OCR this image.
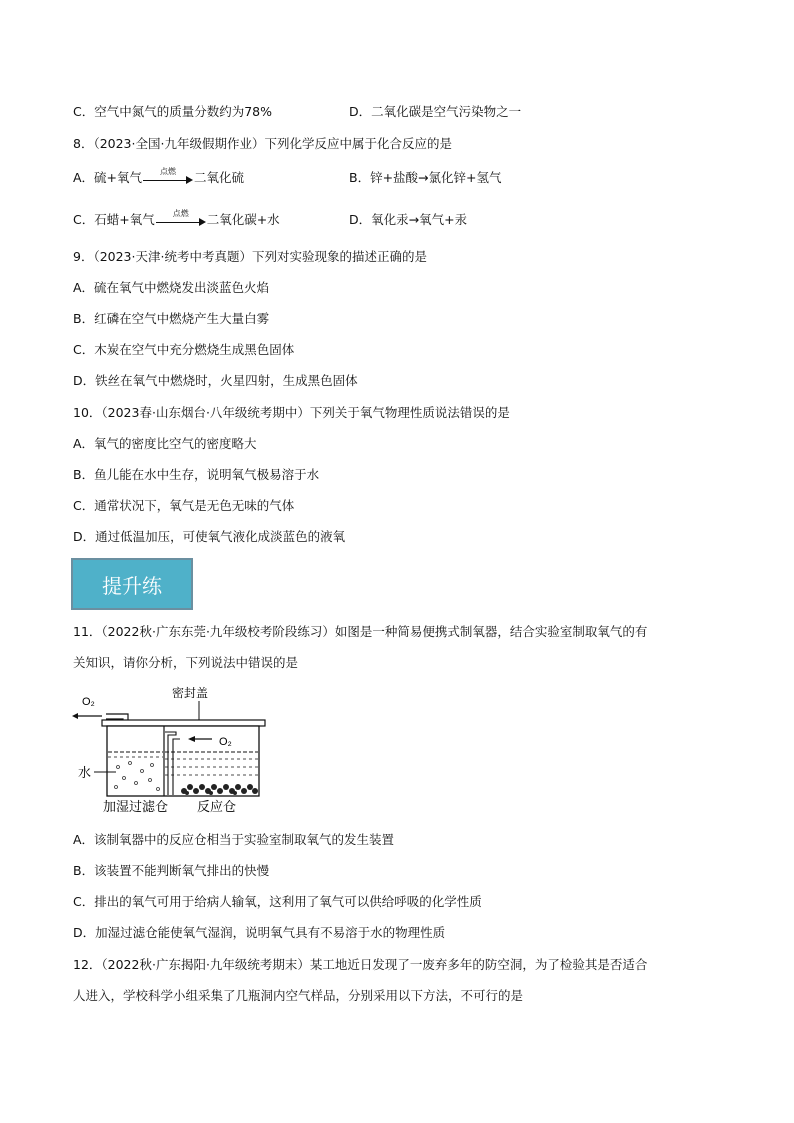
C．空气中氮气的质量分数约为78%	D．二氧化碳是空气污染物之一
8．（2023·全国·九年级假期作业）下列化学反应中属于化合反应的是
A．硫+氧气	点燃	二氧化硫	B．锌+盐酸→氯化锌+氢气
C．石蜡+氧气	点燃	二氧化碳+水	D．氧化汞→氧气+汞
9．（2023·天津·统考中考真题）下列对实验现象的描述正确的是
A．硫在氧气中燃烧发出淡蓝色火焰
B．红磷在空气中燃烧产生大量白雾
C．木炭在空气中充分燃烧生成黑色固体
D．铁丝在氧气中燃烧时，火星四射，生成黑色固体
10．（2023春·山东烟台·八年级统考期中）下列关于氧气物理性质说法错误的是
A．氧气的密度比空气的密度略大
B．鱼儿能在水中生存，说明氧气极易溶于水
C．通常状况下，氧气是无色无味的气体
D．通过低温加压，可使氧气液化成淡蓝色的液氧
提升练
11．（2022秋·广东东莞·九年级校考阶段练习）如图是一种简易便携式制氧器，结合实验室制取氧气的有
关知识，请你分析，下列说法中错误的是
O₂
密封盖
O₂
水
加湿过滤仓 反应仓
A．该制氧器中的反应仓相当于实验室制取氧气的发生装置
B．该装置不能判断氧气排出的快慢
C．排出的氧气可用于给病人输氧，这利用了氧气可以供给呼吸的化学性质
D．加湿过滤仓能使氧气湿润，说明氧气具有不易溶于水的物理性质
12．（2022秋·广东揭阳·九年级统考期末）某工地近日发现了一废弃多年的防空洞，为了检验其是否适合
人进入，学校科学小组采集了几瓶洞内空气样品，分别采用以下方法，不可行的是
